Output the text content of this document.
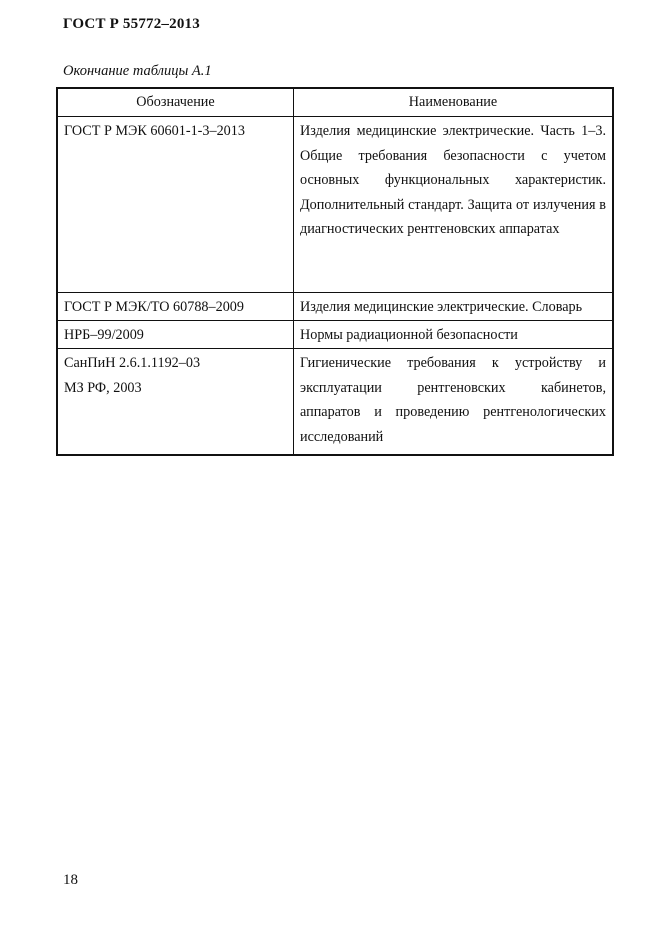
ГОСТ Р 55772–2013
Окончание таблицы А.1
Обозначение	Наименование

ГОСТ Р МЭК 60601-1-3–2013	Изделия медицинские электрические. Часть 1–3. Общие требования безопасности с учетом основных функциональных характеристик. Дополнительный стандарт. Защита от излучения в диагностических рентгеновских аппаратах

ГОСТ Р МЭК/ТО 60788–2009	Изделия медицинские электрические. Словарь

НРБ–99/2009	Нормы радиационной безопасности

СанПиН 2.6.1.1192–03
МЗ РФ, 2003	Гигиенические требования к устройству и эксплуатации рентгеновских кабинетов, аппаратов и проведению рентгенологических исследований
18
